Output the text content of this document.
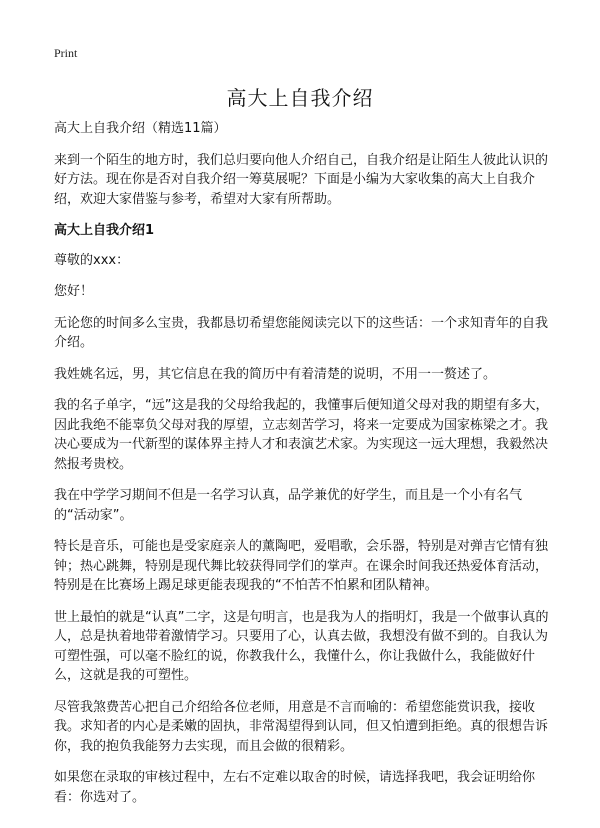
Print
高大上自我介绍

高大上自我介绍（精选11篇）

来到一个陌生的地方时，我们总归要向他人介绍自己，自我介绍是让陌生人彼此认识的好方法。现在你是否对自我介绍一筹莫展呢？下面是小编为大家收集的高大上自我介绍，欢迎大家借鉴与参考，希望对大家有所帮助。

高大上自我介绍1

尊敬的xxx：

您好！

无论您的时间多么宝贵，我都恳切希望您能阅读完以下的这些话：一个求知青年的自我介绍。

我姓姚名远，男，其它信息在我的简历中有着清楚的说明，不用一一赘述了。

我的名子单字，“远”这是我的父母给我起的，我懂事后便知道父母对我的期望有多大，因此我绝不能辜负父母对我的厚望，立志刻苦学习，将来一定要成为国家栋梁之才。我决心要成为一代新型的谋体界主持人才和表演艺术家。为实现这一远大理想，我毅然决然报考贵校。

我在中学学习期间不但是一名学习认真，品学兼优的好学生，而且是一个小有名气的“活动家”。

特长是音乐，可能也是受家庭亲人的薰陶吧，爱唱歌，会乐器，特别是对弹吉它情有独钟；热心跳舞，特别是现代舞比较获得同学们的掌声。在课余时间我还热爱体育活动，特别是在比赛场上踢足球更能表现我的“不怕苦不怕累和团队精神。

世上最怕的就是“认真”二字，这是句明言，也是我为人的指明灯，我是一个做事认真的人，总是执着地带着激情学习。只要用了心，认真去做，我想没有做不到的。自我认为可塑性强，可以毫不脸红的说，你教我什么，我懂什么，你让我做什么，我能做好什么，这就是我的可塑性。

尽管我煞费苦心把自己介绍给各位老师，用意是不言而喻的：希望您能赏识我，接收我。求知者的内心是柔嫩的固执，非常渴望得到认同，但又怕遭到拒绝。真的很想告诉你，我的抱负我能努力去实现，而且会做的很精彩。

如果您在录取的审核过程中，左右不定难以取舍的时候，请选择我吧，我会证明给你看：你选对了。
